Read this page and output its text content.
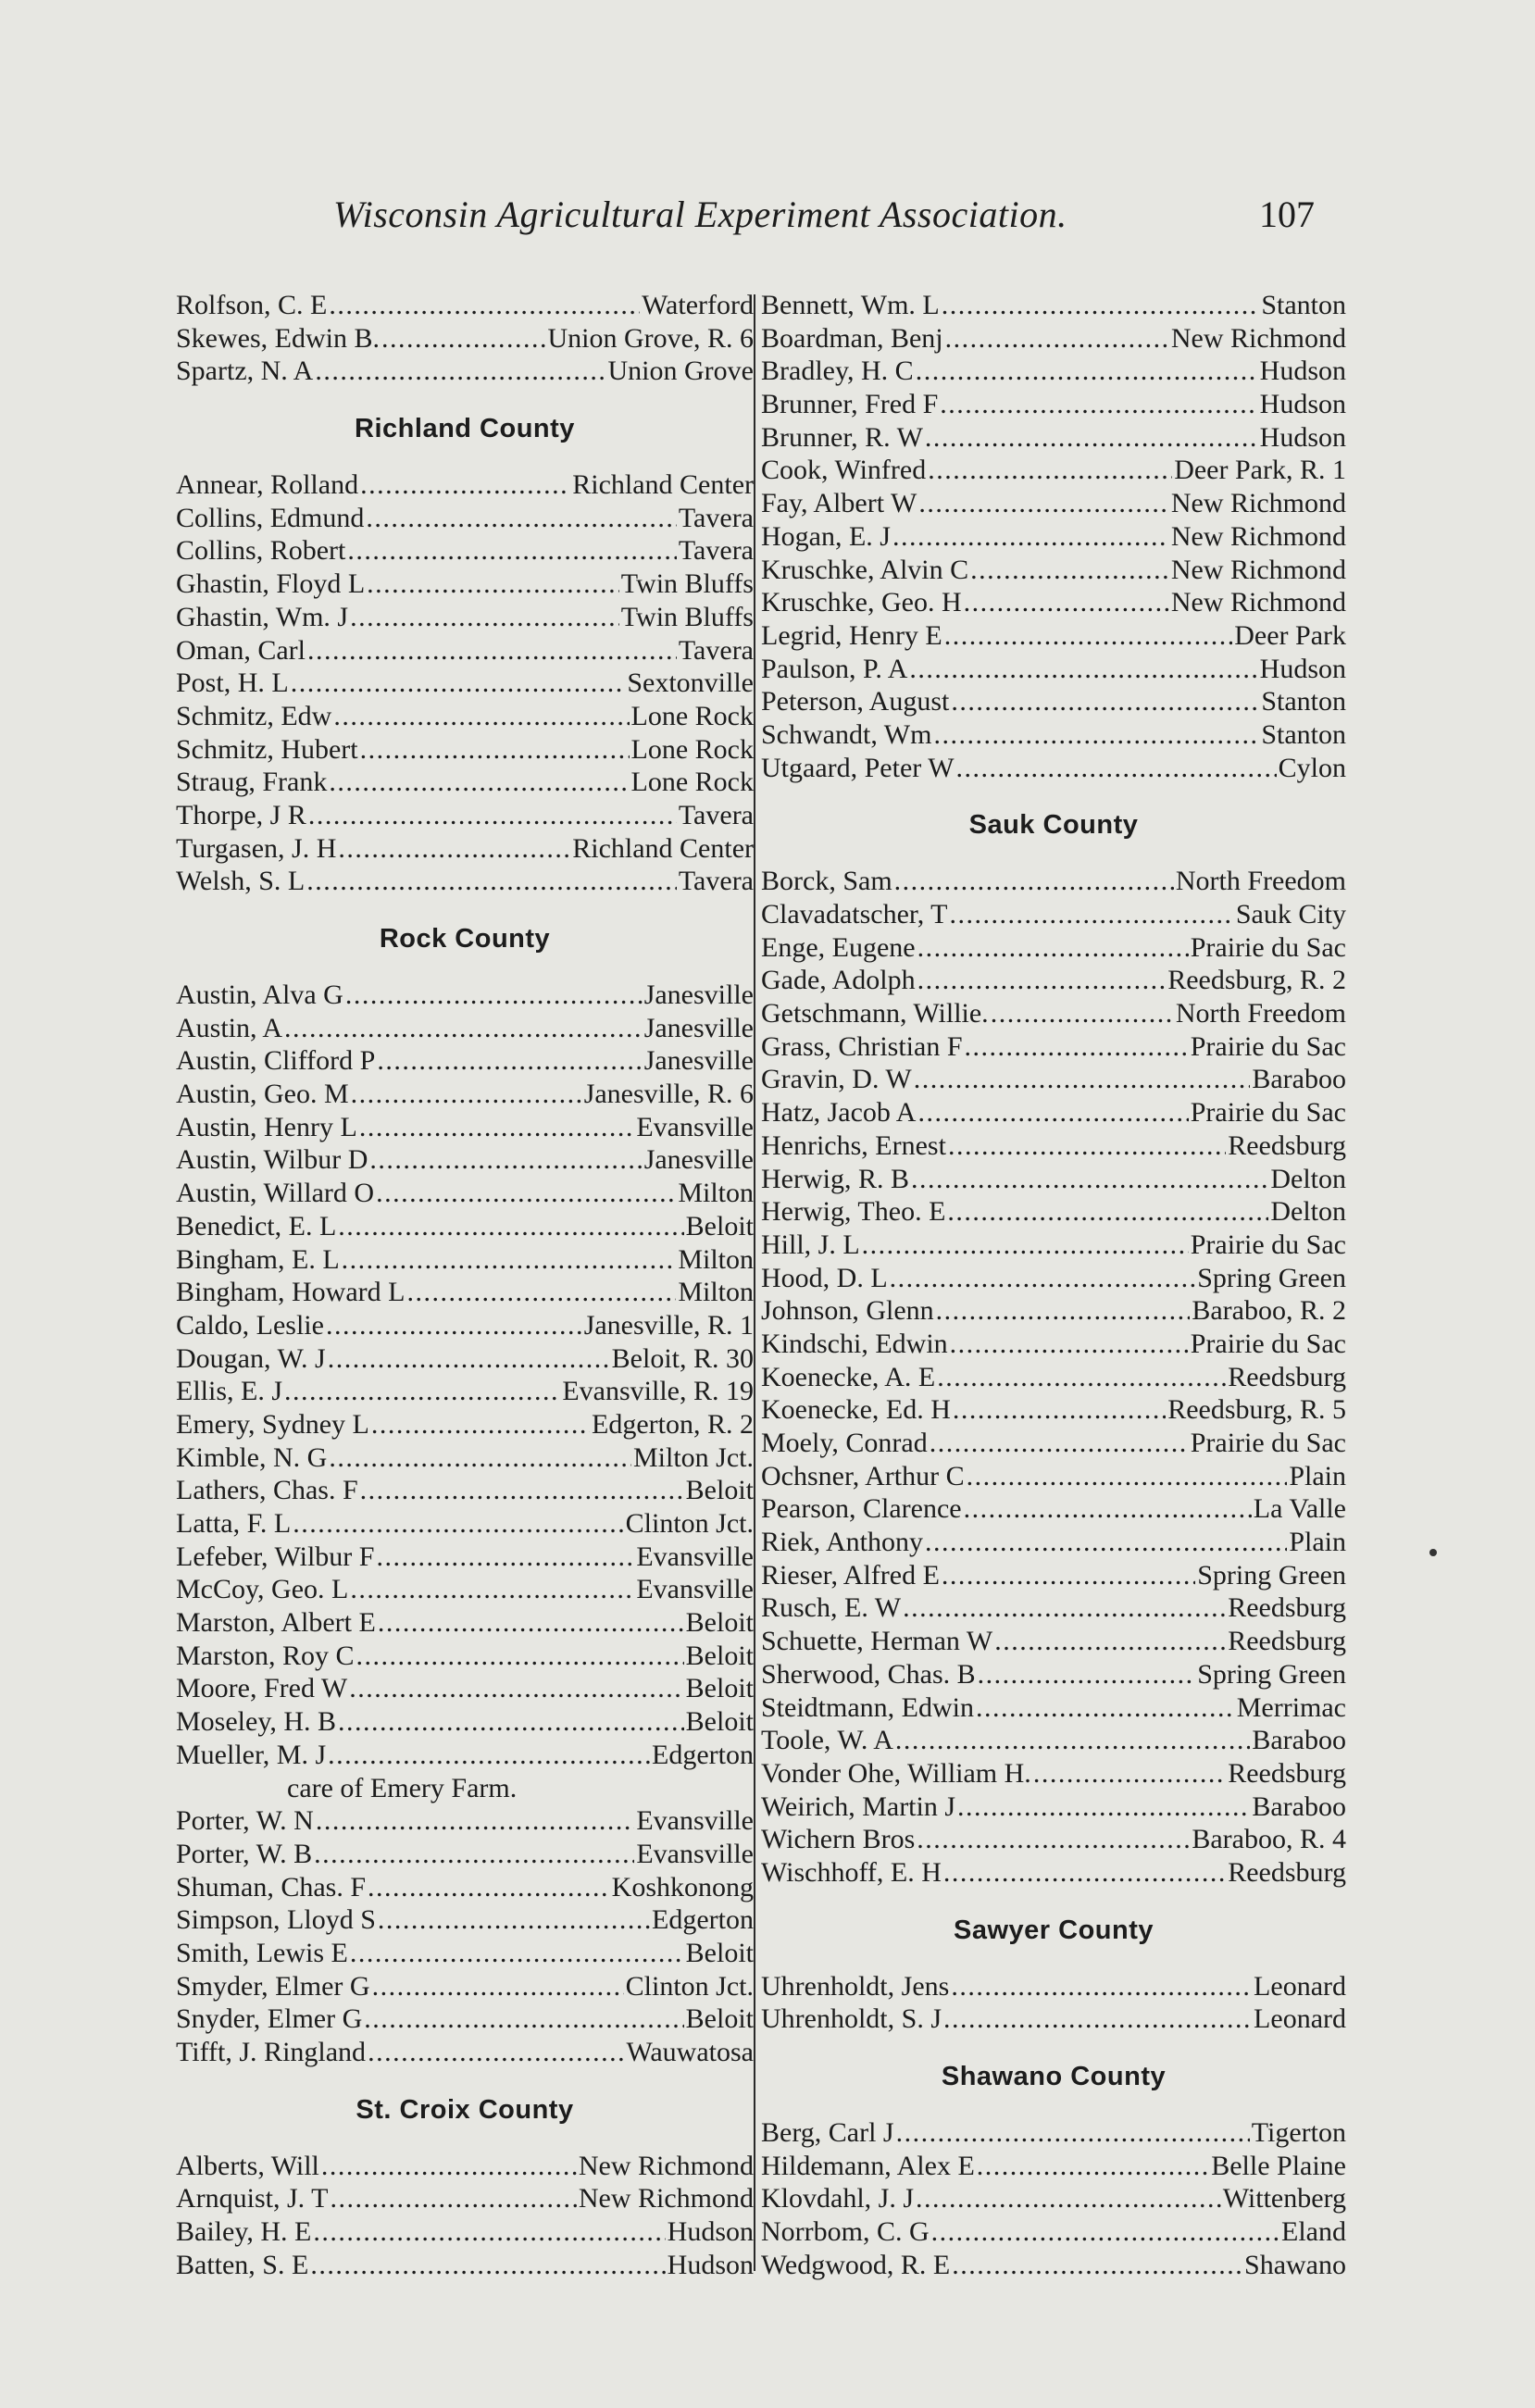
Wisconsin Agricultural Experiment Association.	107
Rolfson, C. E . . .	Waterford
Skewes, Edwin B. . . .	Union Grove, R. 6
Spartz, N. A . . .	Union Grove
Richland County
Annear, Rolland . . .	Richland Center
Collins, Edmund . . .	Tavera
Collins, Robert . . .	Tavera
Ghastin, Floyd L . . .	Twin Bluffs
Ghastin, Wm. J . . .	Twin Bluffs
Oman, Carl . . .	Tavera
Post, H. L . . .	Sextonville
Schmitz, Edw . . .	Lone Rock
Schmitz, Hubert . . .	Lone Rock
Straug, Frank . . .	Lone Rock
Thorpe, J R . . .	Tavera
Turgasen, J. H . . .	Richland Center
Welsh, S. L . . .	Tavera
Rock County
Austin, Alva G . . .	Janesville
Austin, A . . .	Janesville
Austin, Clifford P . . .	Janesville
Austin, Geo. M . . .	Janesville, R. 6
Austin, Henry L . . .	Evansville
Austin, Wilbur D . . .	Janesville
Austin, Willard O . . .	Milton
Benedict, E. L . . .	Beloit
Bingham, E. L . . .	Milton
Bingham, Howard L . . .	Milton
Caldo, Leslie . . .	Janesville, R. 1
Dougan, W. J . . .	Beloit, R. 30
Ellis, E. J . . .	Evansville, R. 19
Emery, Sydney L . . .	Edgerton, R. 2
Kimble, N. G . . .	Milton Jct.
Lathers, Chas. F . . .	Beloit
Latta, F. L . . .	Clinton Jct.
Lefeber, Wilbur F . . .	Evansville
McCoy, Geo. L . . .	Evansville
Marston, Albert E . . .	Beloit
Marston, Roy C . . .	Beloit
Moore, Fred W . . .	Beloit
Moseley, H. B . . .	Beloit
Mueller, M. J . . .	Edgerton
care of Emery Farm.
Porter, W. N . . .	Evansville
Porter, W. B . . .	Evansville
Shuman, Chas. F . . .	Koshkonong
Simpson, Lloyd S . . .	Edgerton
Smith, Lewis E . . .	Beloit
Smyder, Elmer G . . .	Clinton Jct.
Snyder, Elmer G . . .	Beloit
Tifft, J. Ringland . . .	Wauwatosa
St. Croix County
Alberts, Will . . .	New Richmond
Arnquist, J. T . . .	New Richmond
Bailey, H. E . . .	Hudson
Batten, S. E . . .	Hudson
Bennett, Wm. L . . .	Stanton
Boardman, Benj . . .	New Richmond
Bradley, H. C . . .	Hudson
Brunner, Fred F . . .	Hudson
Brunner, R. W . . .	Hudson
Cook, Winfred . . .	Deer Park, R. 1
Fay, Albert W . . .	New Richmond
Hogan, E. J . . .	New Richmond
Kruschke, Alvin C . . .	New Richmond
Kruschke, Geo. H . . .	New Richmond
Legrid, Henry E . . .	Deer Park
Paulson, P. A . . .	Hudson
Peterson, August . . .	Stanton
Schwandt, Wm . . .	Stanton
Utgaard, Peter W . . .	Cylon
Sauk County
Borck, Sam . . .	North Freedom
Clavadatscher, T . . .	Sauk City
Enge, Eugene . . .	Prairie du Sac
Gade, Adolph . . .	Reedsburg, R. 2
Getschmann, Willie. . . .	North Freedom
Grass, Christian F . . .	Prairie du Sac
Gravin, D. W . . .	Baraboo
Hatz, Jacob A . . .	Prairie du Sac
Henrichs, Ernest . . .	Reedsburg
Herwig, R. B . . .	Delton
Herwig, Theo. E . . .	Delton
Hill, J. L . . .	Prairie du Sac
Hood, D. L . . .	Spring Green
Johnson, Glenn . . .	Baraboo, R. 2
Kindschi, Edwin . . .	Prairie du Sac
Koenecke, A. E . . .	Reedsburg
Koenecke, Ed. H . . .	Reedsburg, R. 5
Moely, Conrad . . .	Prairie du Sac
Ochsner, Arthur C . . .	Plain
Pearson, Clarence . . .	La Valle
Riek, Anthony . . .	Plain
Rieser, Alfred E . . .	Spring Green
Rusch, E. W . . .	Reedsburg
Schuette, Herman W . . .	Reedsburg
Sherwood, Chas. B . . .	Spring Green
Steidtmann, Edwin . . .	Merrimac
Toole, W. A . . .	Baraboo
Vonder Ohe, William H. . . .	Reedsburg
Weirich, Martin J . . .	Baraboo
Wichern Bros . . .	Baraboo, R. 4
Wischhoff, E. H . . .	Reedsburg
Sawyer County
Uhrenholdt, Jens . . .	Leonard
Uhrenholdt, S. J . . .	Leonard
Shawano County
Berg, Carl J . . .	Tigerton
Hildemann, Alex E . . .	Belle Plaine
Klovdahl, J. J . . .	Wittenberg
Norrbom, C. G . . .	Eland
Wedgwood, R. E . . .	Shawano
